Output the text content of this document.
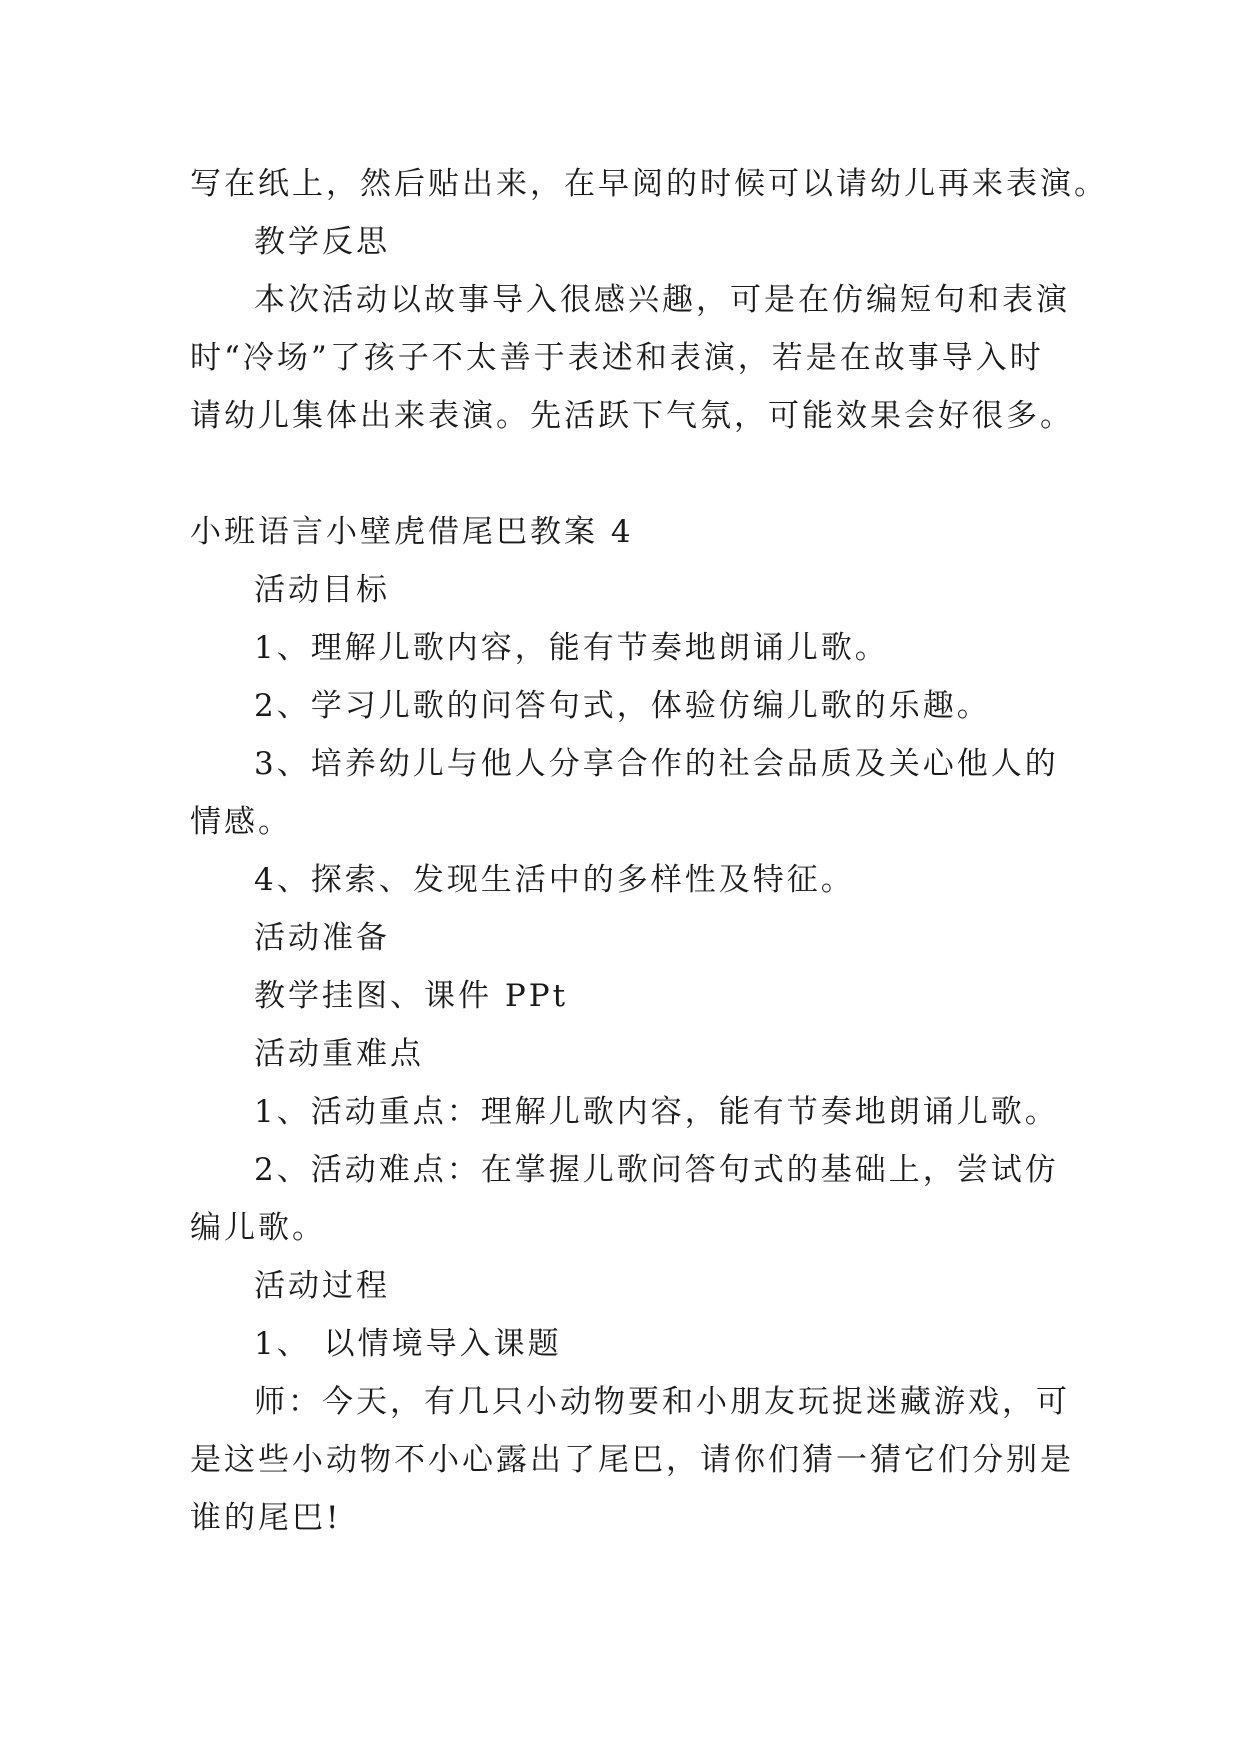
写在纸上，然后贴出来，在早阅的时候可以请幼儿再来表演。
教学反思
本次活动以故事导入很感兴趣，可是在仿编短句和表演
时“冷场”了孩子不太善于表述和表演，若是在故事导入时
请幼儿集体出来表演。先活跃下气氛，可能效果会好很多。
小班语言小壁虎借尾巴教案 4
活动目标
1、理解儿歌内容，能有节奏地朗诵儿歌。
2、学习儿歌的问答句式，体验仿编儿歌的乐趣。
3、培养幼儿与他人分享合作的社会品质及关心他人的
情感。
4、探索、发现生活中的多样性及特征。
活动准备
教学挂图、课件 PPt
活动重难点
1、活动重点：理解儿歌内容，能有节奏地朗诵儿歌。
2、活动难点：在掌握儿歌问答句式的基础上，尝试仿
编儿歌。
活动过程
1、 以情境导入课题
师：今天，有几只小动物要和小朋友玩捉迷藏游戏，可
是这些小动物不小心露出了尾巴，请你们猜一猜它们分别是
谁的尾巴!
